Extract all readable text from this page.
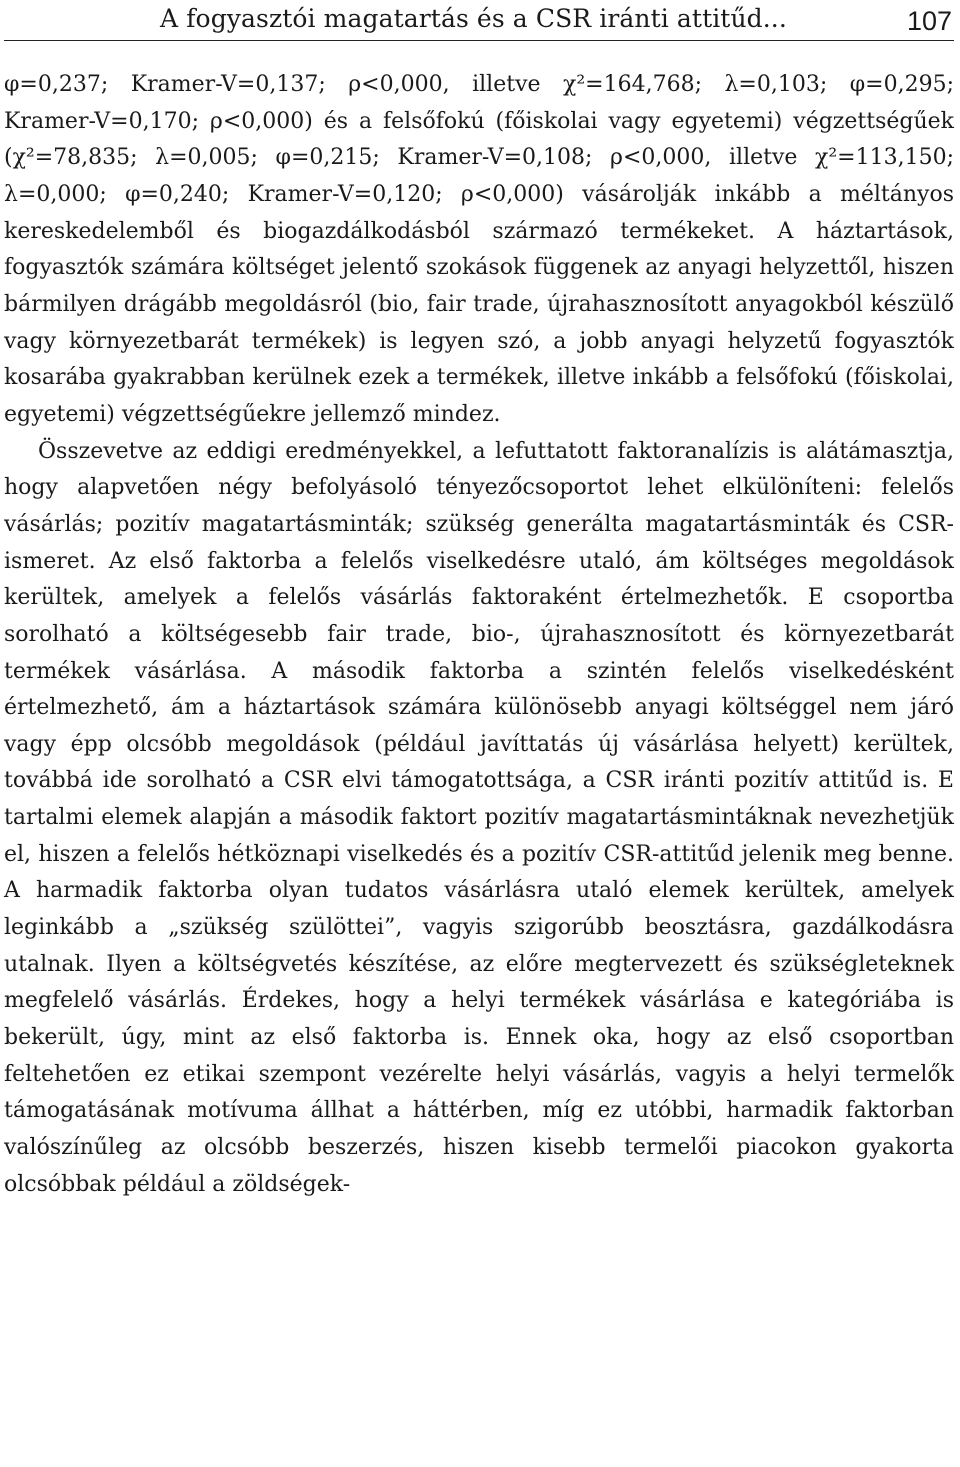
A fogyasztói magatartás és a CSR iránti attitűd...	107

φ=0,237; Kramer-V=0,137; ρ<0,000, illetve χ²=164,768; λ=0,103; φ=0,295; Kramer-V=0,170; ρ<0,000) és a felsőfokú (főiskolai vagy egyetemi) végzettségűek (χ²=78,835; λ=0,005; φ=0,215; Kramer-V=0,108; ρ<0,000, illetve χ²=113,150; λ=0,000; φ=0,240; Kramer-V=0,120; ρ<0,000) vásárolják inkább a méltányos kereskedelemből és biogazdálkodásból származó termékeket. A háztartások, fogyasztók számára költséget jelentő szokások függenek az anyagi helyzettől, hiszen bármilyen drágább megoldásról (bio, fair trade, újrahasznosított anyagokból készülő vagy környezetbarát termékek) is legyen szó, a jobb anyagi helyzetű fogyasztók kosarába gyakrabban kerülnek ezek a termékek, illetve inkább a felsőfokú (főiskolai, egyetemi) végzettségűekre jellemző mindez.

Összevetve az eddigi eredményekkel, a lefuttatott faktoranalízis is alátámasztja, hogy alapvetően négy befolyásoló tényezőcsoportot lehet elkülöníteni: felelős vásárlás; pozitív magatartásminták; szükség generálta magatartásminták és CSR-ismeret. Az első faktorba a felelős viselkedésre utaló, ám költséges megoldások kerültek, amelyek a felelős vásárlás faktoraként értelmezhetők. E csoportba sorolható a költségesebb fair trade, bio-, újrahasznosított és környezetbarát termékek vásárlása. A második faktorba a szintén felelős viselkedésként értelmezhető, ám a háztartások számára különösebb anyagi költséggel nem járó vagy épp olcsóbb megoldások (például javíttatás új vásárlása helyett) kerültek, továbbá ide sorolható a CSR elvi támogatottsága, a CSR iránti pozitív attitűd is. E tartalmi elemek alapján a második faktort pozitív magatartásmintáknak nevezhetjük el, hiszen a felelős hétköznapi viselkedés és a pozitív CSR-attitűd jelenik meg benne. A harmadik faktorba olyan tudatos vásárlásra utaló elemek kerültek, amelyek leginkább a „szükség szülöttei”, vagyis szigorúbb beosztásra, gazdálkodásra utalnak. Ilyen a költségvetés készítése, az előre megtervezett és szükségleteknek megfelelő vásárlás. Érdekes, hogy a helyi termékek vásárlása e kategóriába is bekerült, úgy, mint az első faktorba is. Ennek oka, hogy az első csoportban feltehetően ez etikai szempont vezérelte helyi vásárlás, vagyis a helyi termelők támogatásának motívuma állhat a háttérben, míg ez utóbbi, harmadik faktorban valószínűleg az olcsóbb beszerzés, hiszen kisebb termelői piacokon gyakorta olcsóbbak például a zöldségek-
